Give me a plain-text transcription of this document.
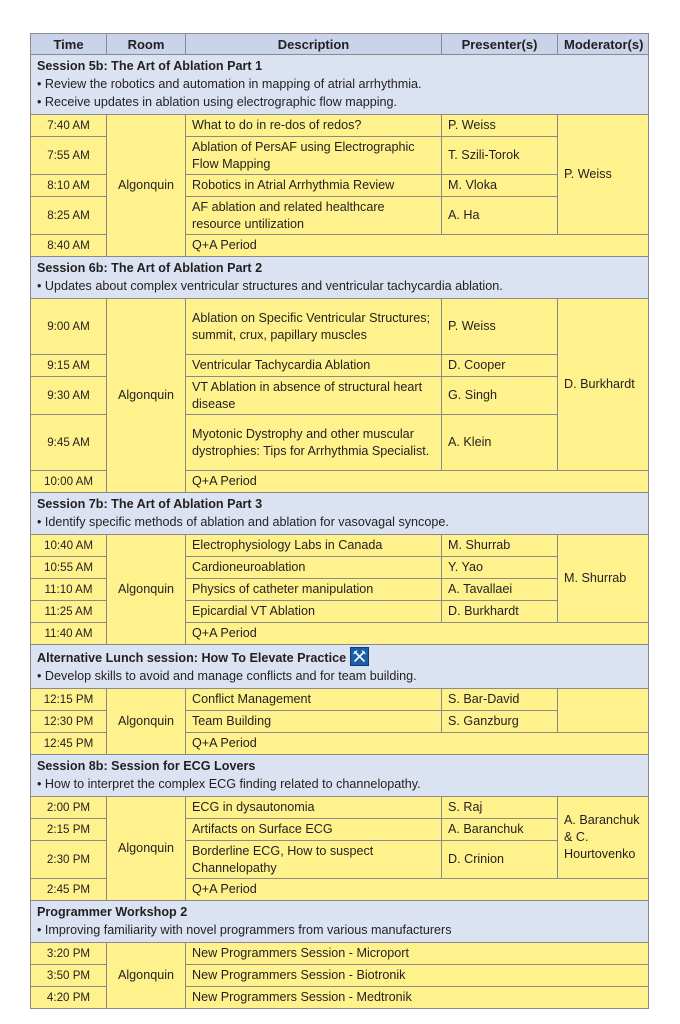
Time	Room	Description	Presenter(s)	Moderator(s)

Session 5b: The Art of Ablation Part 1
• Review the robotics and automation in mapping of atrial arrhythmia.
• Receive updates in ablation using electrographic flow mapping.				

7:40 AM	Algonquin	What to do in re-dos of redos?	P. Weiss	P. Weiss
7:55 AM		Ablation of PersAF using Electrographic Flow Mapping	T. Szili-Torok	
8:10 AM		Robotics in Atrial Arrhythmia Review	M. Vloka	
8:25 AM		AF ablation and related healthcare resource untilization	A. Ha	
8:40 AM		Q+A Period		

Session 6b: The Art of Ablation Part 2
• Updates about complex ventricular structures and ventricular tachycardia ablation.				

9:00 AM	Algonquin	Ablation on Specific Ventricular Structures; summit, crux, papillary muscles	P. Weiss	D. Burkhardt
9:15 AM		Ventricular Tachycardia Ablation	D. Cooper	
9:30 AM		VT Ablation in absence of structural heart disease	G. Singh	
9:45 AM		Myotonic Dystrophy and other muscular dystrophies: Tips for Arrhythmia Specialist.	A. Klein	
10:00 AM		Q+A Period		

Session 7b: The Art of Ablation Part 3
• Identify specific methods of ablation and ablation for vasovagal syncope.				

10:40 AM	Algonquin	Electrophysiology Labs in Canada	M. Shurrab	M. Shurrab
10:55 AM		Cardioneuroablation	Y. Yao	
11:10 AM		Physics of catheter manipulation	A. Tavallaei	
11:25 AM		Epicardial VT Ablation	D. Burkhardt	
11:40 AM		Q+A Period		

Alternative Lunch session: How To Elevate Practice
• Develop skills to avoid and manage conflicts and for team building.				

12:15 PM	Algonquin	Conflict Management	S. Bar-David	
12:30 PM		Team Building	S. Ganzburg	
12:45 PM		Q+A Period		

Session 8b: Session for ECG Lovers
• How to interpret the complex ECG finding related to channelopathy.				

2:00 PM	Algonquin	ECG in dysautonomia	S. Raj	A. Baranchuk & C. Hourtovenko
2:15 PM		Artifacts on Surface ECG	A. Baranchuk	
2:30 PM		Borderline ECG, How to suspect Channelopathy	D. Crinion	
2:45 PM		Q+A Period		

Programmer Workshop 2
• Improving familiarity with novel programmers from various manufacturers				

3:20 PM	Algonquin	New Programmers Session - Microport		
3:50 PM		New Programmers Session - Biotronik		
4:20 PM		New Programmers Session - Medtronik		
